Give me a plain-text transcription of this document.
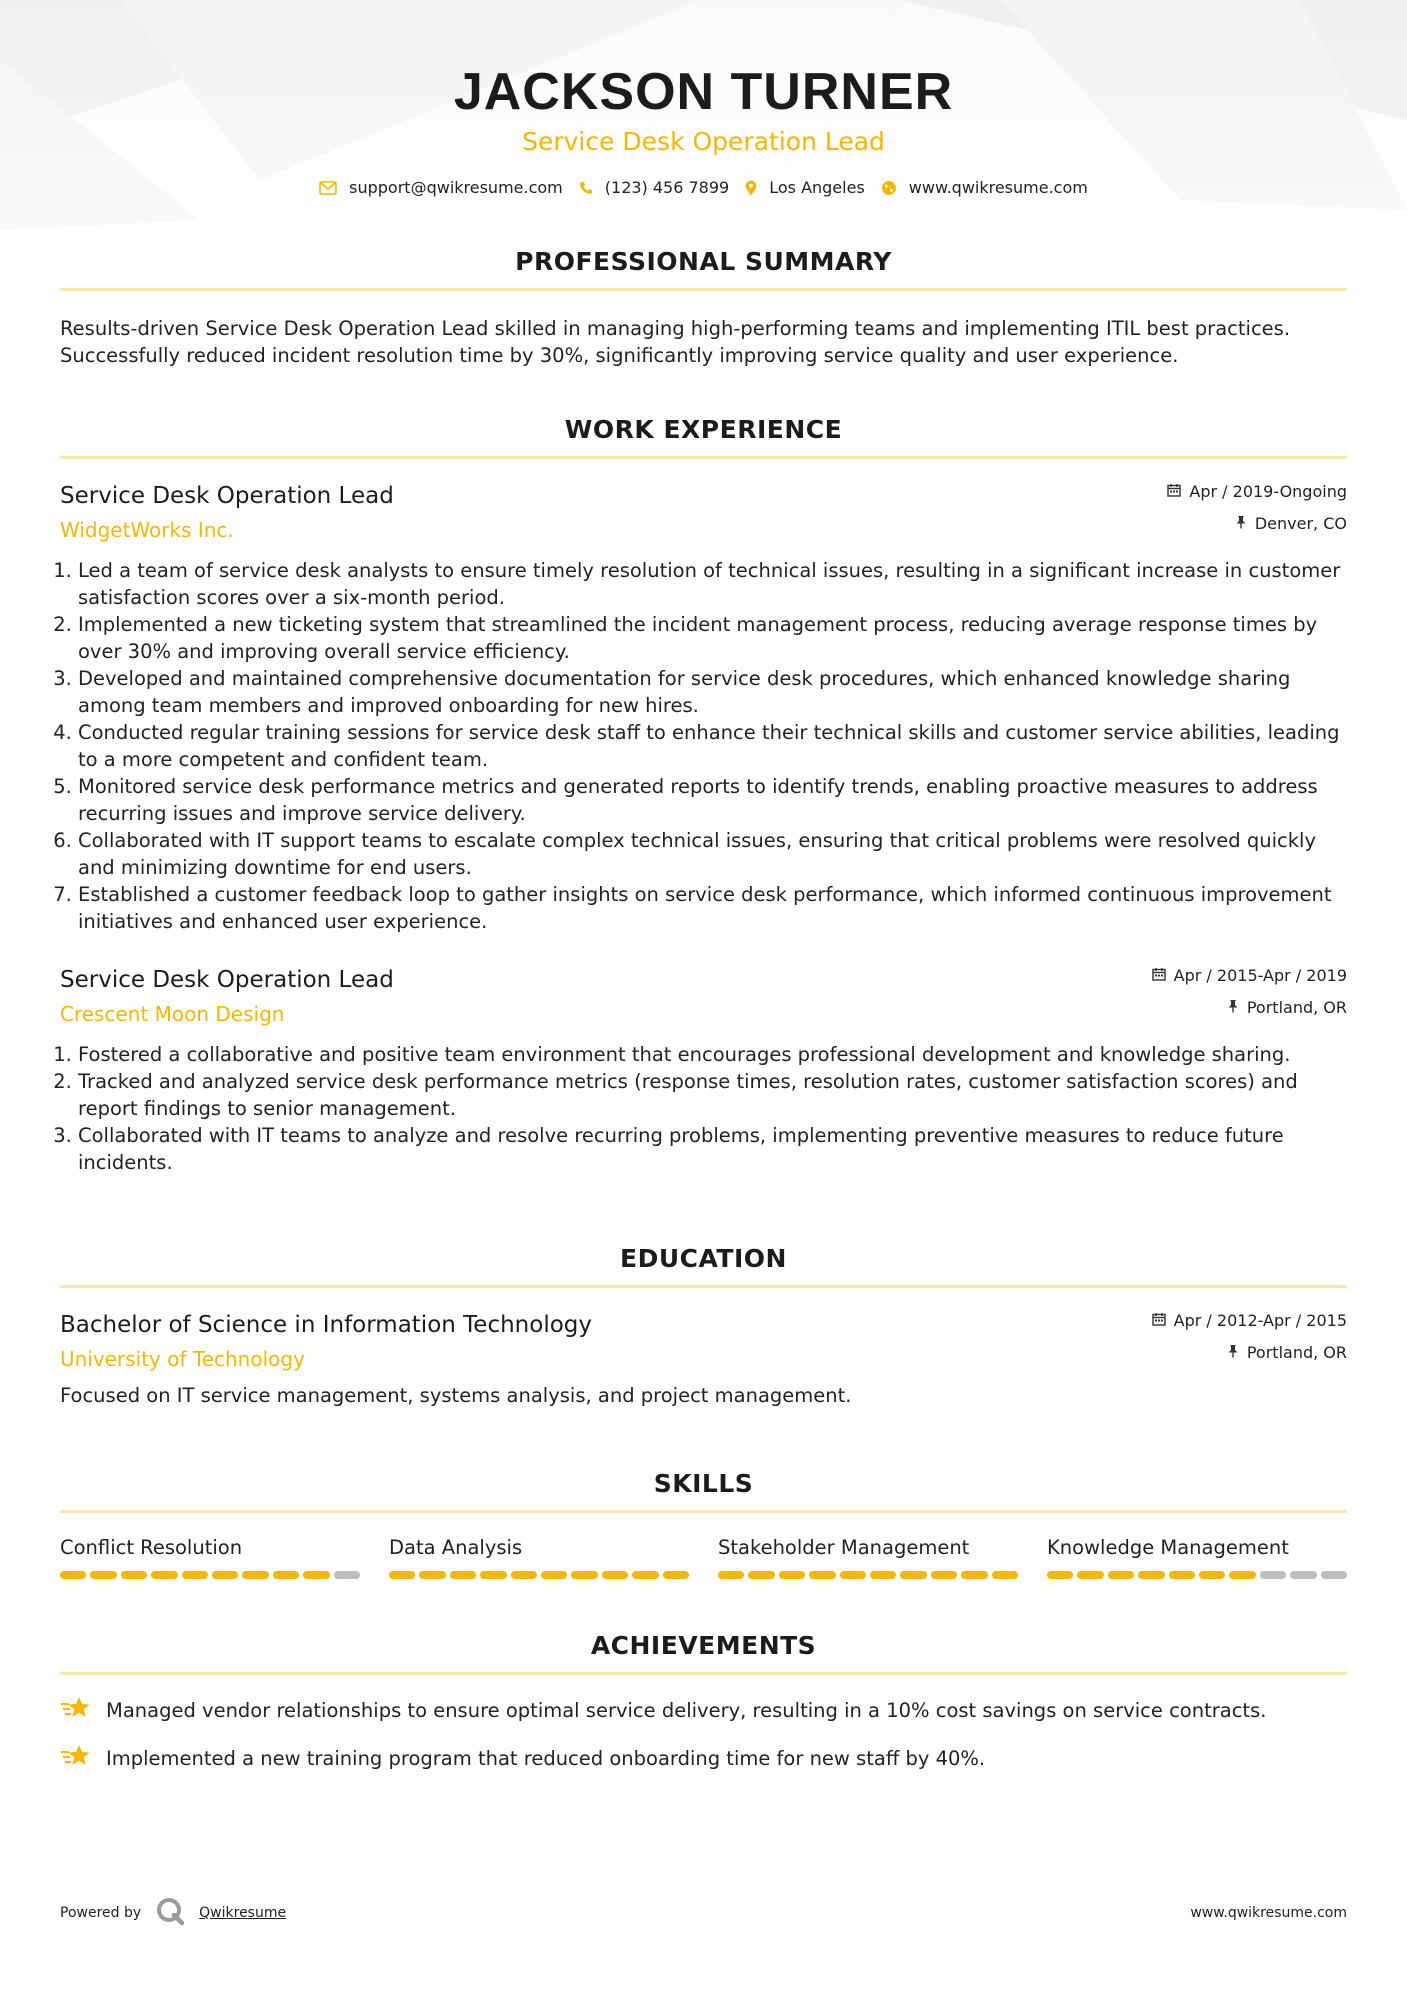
JACKSON TURNER
Service Desk Operation Lead
support@qwikresume.com	(123) 456 7899	Los Angeles	www.qwikresume.com
PROFESSIONAL SUMMARY

Results-driven Service Desk Operation Lead skilled in managing high-performing teams and implementing ITIL best practices. Successfully reduced incident resolution time by 30%, significantly improving service quality and user experience.

WORK EXPERIENCE
Service Desk Operation Lead
WidgetWorks Inc.
Apr / 2019-Ongoing
Denver, CO
1. Led a team of service desk analysts to ensure timely resolution of technical issues, resulting in a significant increase in customer satisfaction scores over a six-month period.
2. Implemented a new ticketing system that streamlined the incident management process, reducing average response times by over 30% and improving overall service efficiency.
3. Developed and maintained comprehensive documentation for service desk procedures, which enhanced knowledge sharing among team members and improved onboarding for new hires.
4. Conducted regular training sessions for service desk staff to enhance their technical skills and customer service abilities, leading to a more competent and confident team.
5. Monitored service desk performance metrics and generated reports to identify trends, enabling proactive measures to address recurring issues and improve service delivery.
6. Collaborated with IT support teams to escalate complex technical issues, ensuring that critical problems were resolved quickly and minimizing downtime for end users.
7. Established a customer feedback loop to gather insights on service desk performance, which informed continuous improvement initiatives and enhanced user experience.
Service Desk Operation Lead
Crescent Moon Design
Apr / 2015-Apr / 2019
Portland, OR
1. Fostered a collaborative and positive team environment that encourages professional development and knowledge sharing.
2. Tracked and analyzed service desk performance metrics (response times, resolution rates, customer satisfaction scores) and report findings to senior management.
3. Collaborated with IT teams to analyze and resolve recurring problems, implementing preventive measures to reduce future incidents.
EDUCATION
Bachelor of Science in Information Technology
University of Technology
Apr / 2012-Apr / 2015
Portland, OR

Focused on IT service management, systems analysis, and project management.

SKILLS
Conflict Resolution	Data Analysis	Stakeholder Management	Knowledge Management
ACHIEVEMENTS
Managed vendor relationships to ensure optimal service delivery, resulting in a 10% cost savings on service contracts.
Implemented a new training program that reduced onboarding time for new staff by 40%.
Powered by	Qwikresume	www.qwikresume.com
